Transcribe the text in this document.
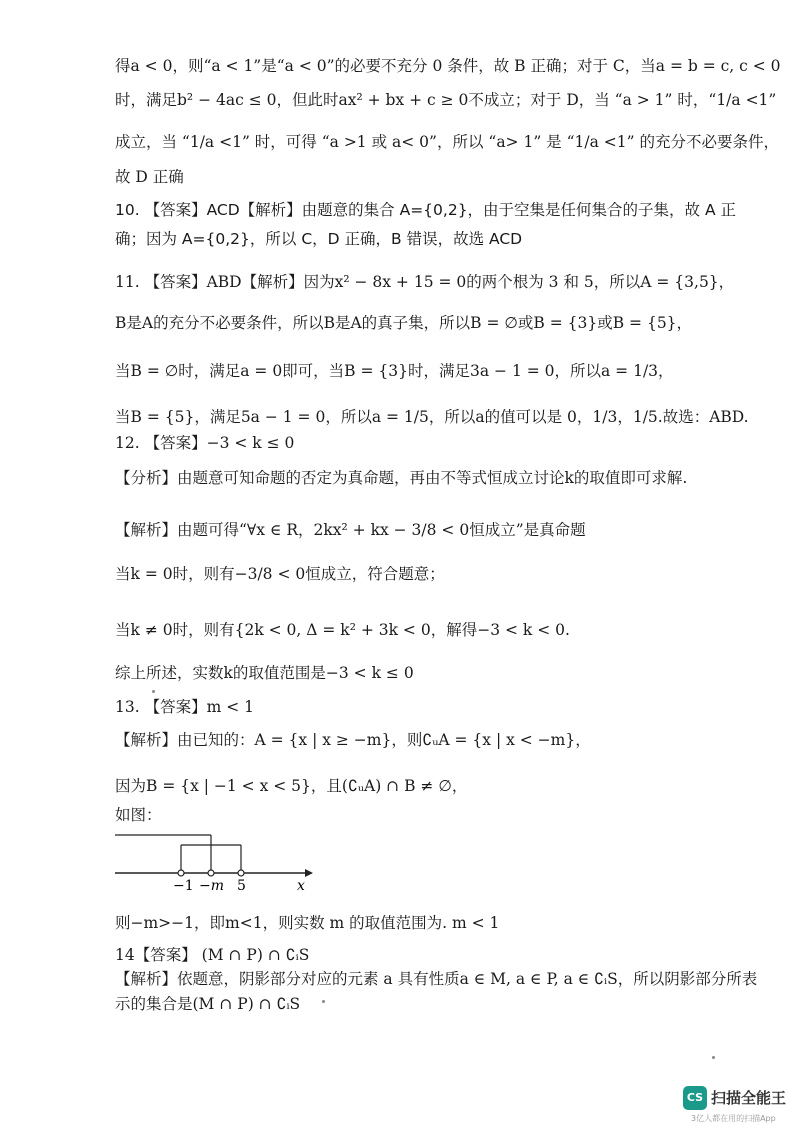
得a < 0，则“a < 1”是“a < 0”的必要不充分 0 条件，故 B 正确；对于 C，当a = b = c, c < 0
时，满足b² − 4ac ≤ 0，但此时ax² + bx + c ≥ 0不成立；对于 D，当 “a > 1” 时，“1/a <1”
成立，当 “1/a <1” 时，可得 “a >1 或 a< 0”，所以 “a> 1” 是 “1/a <1” 的充分不必要条件，
故 D 正确
10. 【答案】ACD【解析】由题意的集合 A={0,2}，由于空集是任何集合的子集，故 A 正
确；因为 A={0,2}，所以 C，D 正确，B 错误，故选 ACD
11. 【答案】ABD【解析】因为x² − 8x + 15 = 0的两个根为 3 和 5，所以A = {3,5}，
B是A的充分不必要条件，所以B是A的真子集，所以B = ∅或B = {3}或B = {5}，
当B = ∅时，满足a = 0即可，当B = {3}时，满足3a − 1 = 0，所以a = 1/3，
当B = {5}，满足5a − 1 = 0，所以a = 1/5，所以a的值可以是 0，1/3，1/5.故选：ABD.
12. 【答案】−3 < k ≤ 0
【分析】由题意可知命题的否定为真命题，再由不等式恒成立讨论k的取值即可求解.
【解析】由题可得“∀x ∈ R，2kx² + kx − 3/8 < 0恒成立”是真命题
当k = 0时，则有−3/8 < 0恒成立，符合题意；
当k ≠ 0时，则有{2k < 0, Δ = k² + 3k < 0，解得−3 < k < 0.
综上所述，实数k的取值范围是−3 < k ≤ 0
13. 【答案】m < 1
【解析】由已知的：A = {x | x ≥ −m}，则∁ᵤA = {x | x < −m}，
因为B = {x | −1 < x < 5}，且(∁ᵤA) ∩ B ≠ ∅，
如图：
则−m>−1，即m<1，则实数 m 的取值范围为. m < 1
14【答案】 (M ∩ P) ∩ ∁ᵢS
【解析】依题意，阴影部分对应的元素 a 具有性质a ∈ M, a ∈ P, a ∈ ∁ᵢS，所以阴影部分所表
示的集合是(M ∩ P) ∩ ∁ᵢS
−1 −m 5	x
CS 扫描全能王
3亿人都在用的扫描App
